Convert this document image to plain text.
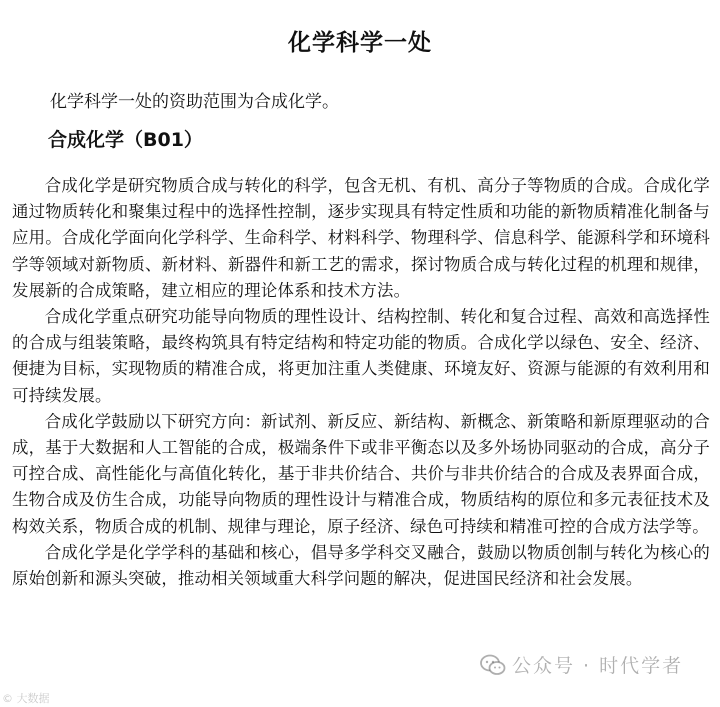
化学科学一处
化学科学一处的资助范围为合成化学。
合成化学（B01）

合成化学是研究物质合成与转化的科学，包含无机、有机、高分子等物质的合成。合成化学通过物质转化和聚集过程中的选择性控制，逐步实现具有特定性质和功能的新物质精准化制备与应用。合成化学面向化学科学、生命科学、材料科学、物理科学、信息科学、能源科学和环境科学等领域对新物质、新材料、新器件和新工艺的需求，探讨物质合成与转化过程的机理和规律，发展新的合成策略，建立相应的理论体系和技术方法。

合成化学重点研究功能导向物质的理性设计、结构控制、转化和复合过程、高效和高选择性的合成与组装策略，最终构筑具有特定结构和特定功能的物质。合成化学以绿色、安全、经济、便捷为目标，实现物质的精准合成，将更加注重人类健康、环境友好、资源与能源的有效利用和可持续发展。

合成化学鼓励以下研究方向：新试剂、新反应、新结构、新概念、新策略和新原理驱动的合成，基于大数据和人工智能的合成，极端条件下或非平衡态以及多外场协同驱动的合成，高分子可控合成、高性能化与高值化转化，基于非共价结合、共价与非共价结合的合成及表界面合成，生物合成及仿生合成，功能导向物质的理性设计与精准合成，物质结构的原位和多元表征技术及构效关系，物质合成的机制、规律与理论，原子经济、绿色可持续和精准可控的合成方法学等。

合成化学是化学学科的基础和核心，倡导多学科交叉融合，鼓励以物质创制与转化为核心的原始创新和源头突破，推动相关领域重大科学问题的解决，促进国民经济和社会发展。

公众号 · 时代学者
© 大数据
